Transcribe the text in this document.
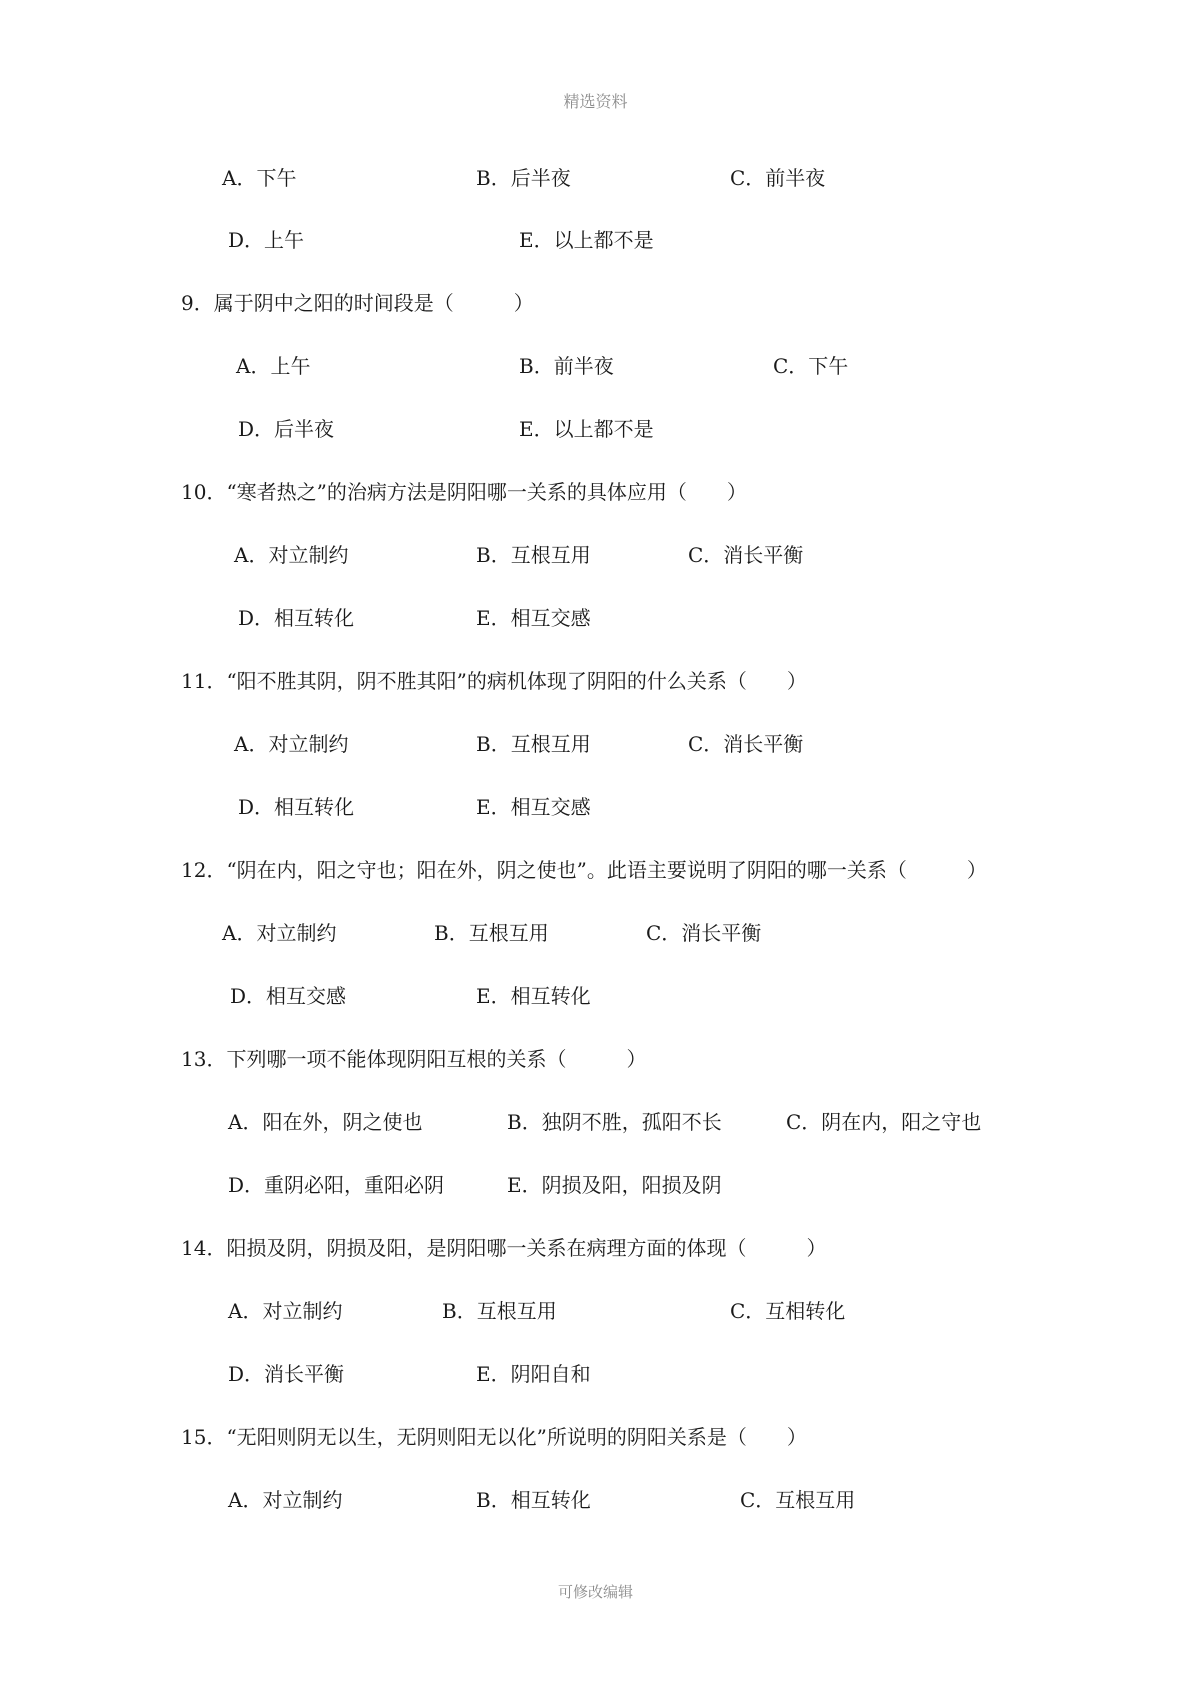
精选资料
A．下午	B．后半夜	C．前半夜
D．上午	E．以上都不是
9．属于阴中之阳的时间段是（　　　）
A．上午	B．前半夜	C．下午
D．后半夜	E．以上都不是
10．“寒者热之”的治病方法是阴阳哪一关系的具体应用（　　）
A．对立制约	B．互根互用	C．消长平衡
D．相互转化	E．相互交感
11．“阳不胜其阴，阴不胜其阳”的病机体现了阴阳的什么关系（　　）
A．对立制约	B．互根互用	C．消长平衡
D．相互转化	E．相互交感
12．“阴在内，阳之守也；阳在外，阴之使也”。此语主要说明了阴阳的哪一关系（　　　）
A．对立制约	B．互根互用	C．消长平衡
D．相互交感	E．相互转化
13．下列哪一项不能体现阴阳互根的关系（　　　）
A．阳在外，阴之使也	B．独阴不胜，孤阳不长	C．阴在内，阳之守也
D．重阴必阳，重阳必阴	E．阴损及阳，阳损及阴
14．阳损及阴，阴损及阳，是阴阳哪一关系在病理方面的体现（　　　）
A．对立制约	B．互根互用	C．互相转化
D．消长平衡	E．阴阳自和
15．“无阳则阴无以生，无阴则阳无以化”所说明的阴阳关系是（　　）
A．对立制约	B．相互转化	C．互根互用
可修改编辑
